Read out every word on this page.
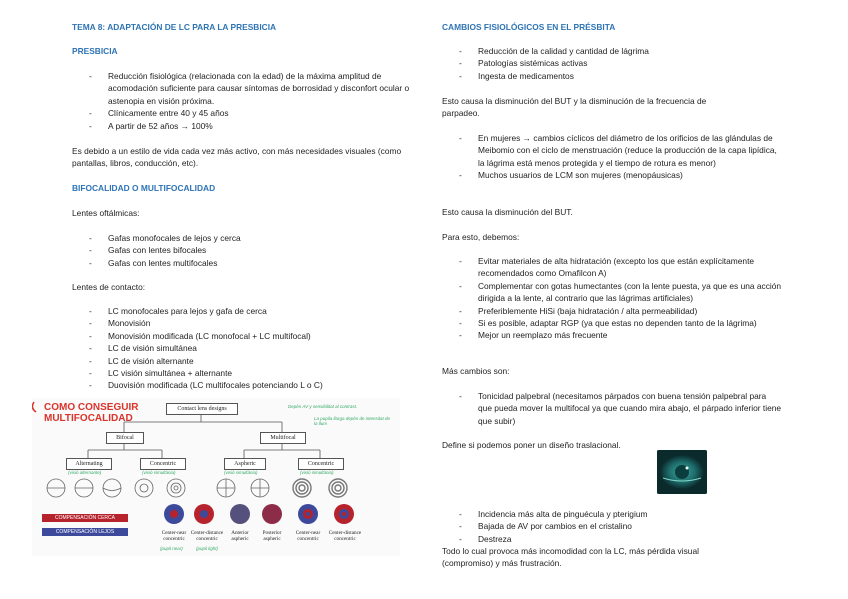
TEMA 8: ADAPTACIÓN DE LC PARA LA PRESBICIA
PRESBICIA
- Reducción fisiológica (relacionada con la edad) de la máxima amplitud de acomodación suficiente para causar síntomas de borrosidad y disconfort ocular o astenopia en visión próxima.
- Clínicamente entre 40 y 45 años
- A partir de 52 años → 100%
Es debido a un estilo de vida cada vez más activo, con más necesidades visuales (como pantallas, libros, conducción, etc).
BIFOCALIDAD O MULTIFOCALIDAD
Lentes oftálmicas:
- Gafas monofocales de lejos y cerca
- Gafas con lentes bifocales
- Gafas con lentes multifocales
Lentes de contacto:
- LC monofocales para lejos y gafa de cerca
- Monovisión
- Monovisión modificada (LC monofocal + LC multifocal)
- LC de visión simultánea
- LC de visión alternante
- LC visión simultánea + alternante
- Duovisión modificada (LC multifocales potenciando L o C)
COMO CONSEGUIR
MULTIFOCALIDAD
Contact lens designs	Depèn AV y sensibilitat al contrast.
La pupila llarga depèn de intensitat de la llum
Bifocal	Multifocal
Alternating	Concentric	Aspheric	Concentric
(visió alternante)	(visió simultània)	(visió simultània)	(visió simultània)
COMPENSACIÓN CERCA
COMPENSACIÓN LEJOS	Center-near concentric
Center-distance concentric
Anterior aspheric
Posterior aspheric
Center-near concentric
Center-distance concentric
(pupil near)	(pupil light)
CAMBIOS FISIOLÓGICOS EN EL PRÉSBITA
- Reducción de la calidad y cantidad de lágrima
- Patologías sistémicas activas
- Ingesta de medicamentos
Esto causa la disminución del BUT y la disminución de la frecuencia de parpadeo.
- En mujeres → cambios cíclicos del diámetro de los orificios de las glándulas de Meibomio con el ciclo de menstruación (reduce la producción de la capa lipídica, la lágrima está menos protegida y el tiempo de rotura es menor)
- Muchos usuarios de LCM son mujeres (menopáusicas)
Esto causa la disminución del BUT.
Para esto, debemos:
- Evitar materiales de alta hidratación (excepto los que están explícitamente recomendados como Omafilcon A)
- Complementar con gotas humectantes (con la lente puesta, ya que es una acción dirigida a la lente, al contrario que las lágrimas artificiales)
- Preferiblemente HiSi (baja hidratación / alta permeabilidad)
- Si es posible, adaptar RGP (ya que estas no dependen tanto de la lágrima)
- Mejor un reemplazo más frecuente
Más cambios son:
- Tonicidad palpebral (necesitamos párpados con buena tensión palpebral para que pueda mover la multifocal ya que cuando mira abajo, el párpado inferior tiene que subir)
Define si podemos poner un diseño traslacional.
- Incidencia más alta de pinguécula y pterigium
- Bajada de AV por cambios en el cristalino
- Destreza
Todo lo cual provoca más incomodidad con la LC, más pérdida visual (compromiso) y más frustración.
